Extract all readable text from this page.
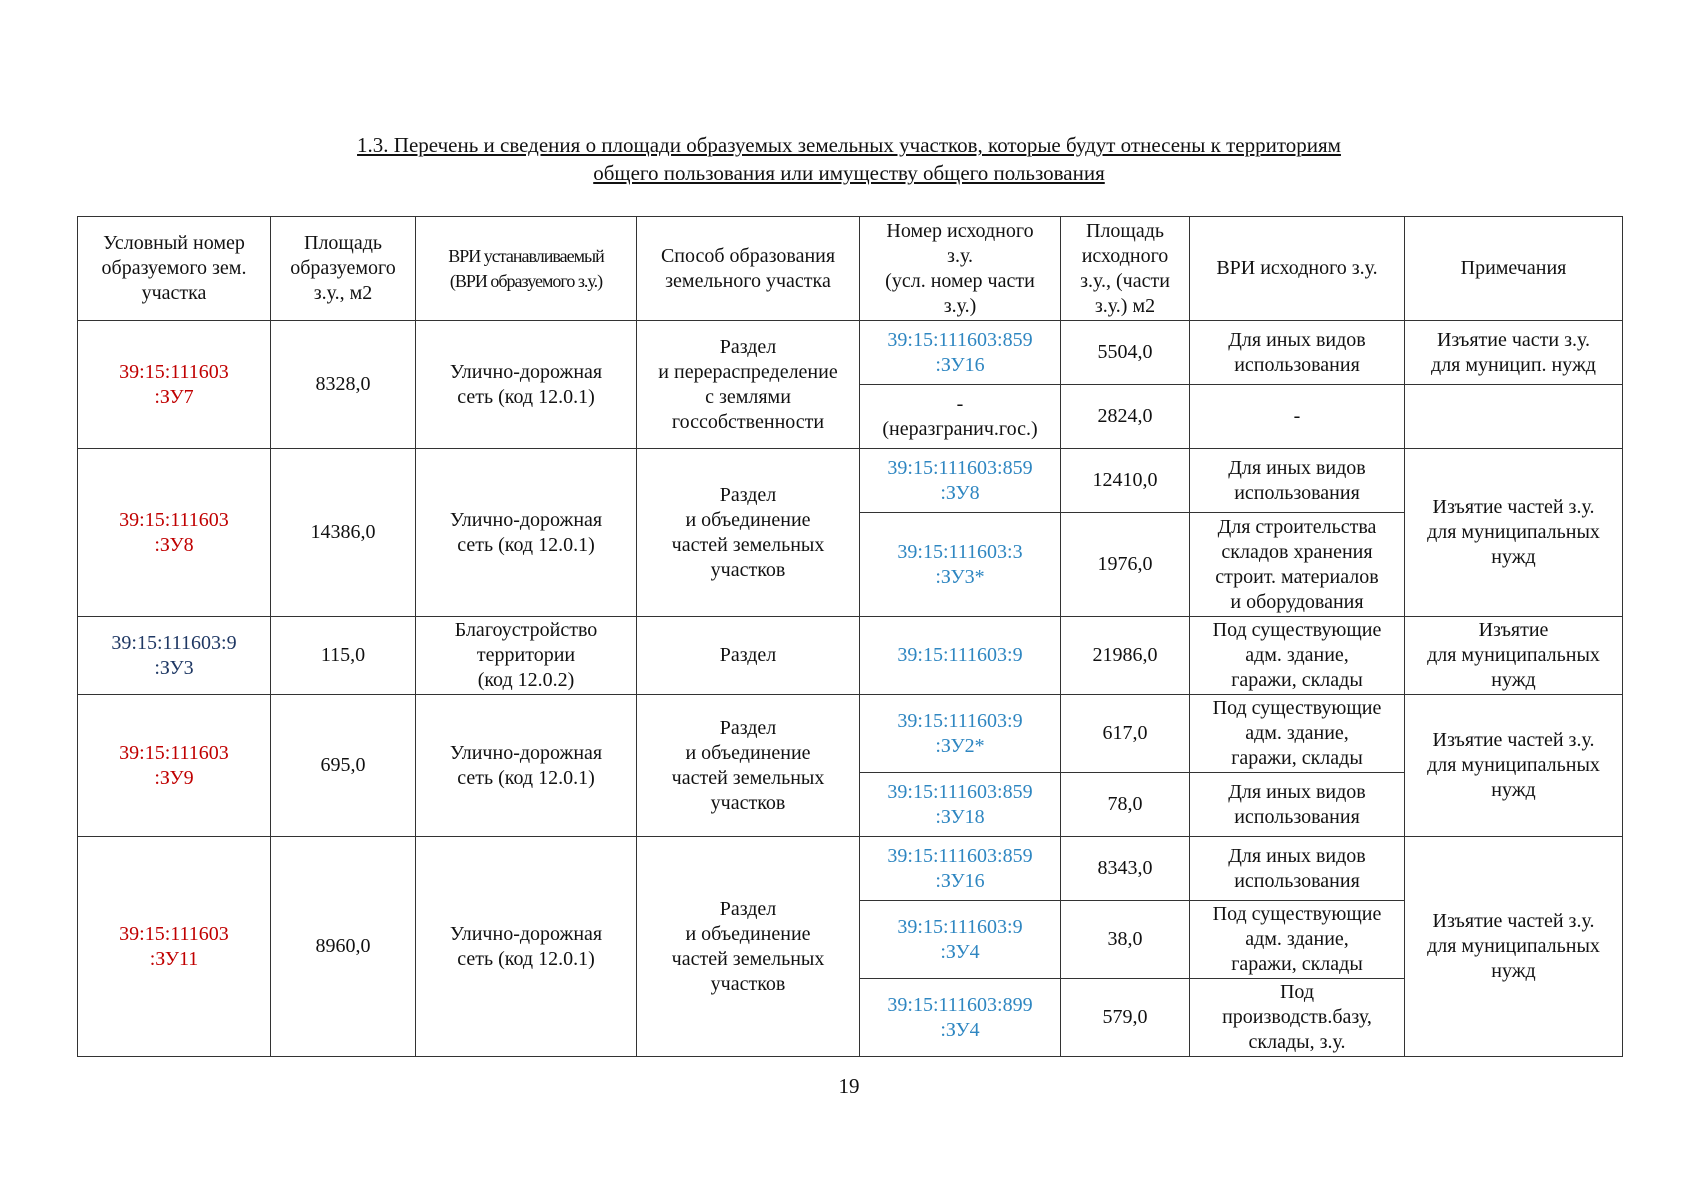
1.3. Перечень и сведения о площади образуемых земельных участков, которые будут отнесены к территориям
общего пользования или имуществу общего пользования
Условный номер
образуемого зем.
участка	Площадь
образуемого
з.у., м2	ВРИ устанавливаемый
(ВРИ образуемого з.у.)	Способ образования
земельного участка	Номер исходного
з.у.
(усл. номер части
з.у.)	Площадь
исходного
з.у., (части
з.у.) м2	ВРИ исходного з.у.	Примечания
39:15:111603
:ЗУ7	8328,0	Улично-дорожная
сеть (код 12.0.1)	Раздел
и перераспределение
с землями
госсобственности	39:15:111603:859
:ЗУ16	5504,0	Для иных видов
использования	Изъятие части з.у.
для муницип. нужд
				-
(неразгранич.гос.)	2824,0	-	
39:15:111603
:ЗУ8	14386,0	Улично-дорожная
сеть (код 12.0.1)	Раздел
и объединение
частей земельных
участков	39:15:111603:859
:ЗУ8	12410,0	Для иных видов
использования	Изъятие частей з.у.
для муниципальных
нужд
				39:15:111603:3
:ЗУ3*	1976,0	Для строительства
складов хранения
строит. материалов
и оборудования	
39:15:111603:9
:ЗУ3	115,0	Благоустройство
территории
(код 12.0.2)	Раздел	39:15:111603:9	21986,0	Под существующие
адм. здание,
гаражи, склады	Изъятие
для муниципальных
нужд
39:15:111603
:ЗУ9	695,0	Улично-дорожная
сеть (код 12.0.1)	Раздел
и объединение
частей земельных
участков	39:15:111603:9
:ЗУ2*	617,0	Под существующие
адм. здание,
гаражи, склады	Изъятие частей з.у.
для муниципальных
нужд
				39:15:111603:859
:ЗУ18	78,0	Для иных видов
использования	
39:15:111603
:ЗУ11	8960,0	Улично-дорожная
сеть (код 12.0.1)	Раздел
и объединение
частей земельных
участков	39:15:111603:859
:ЗУ16	8343,0	Для иных видов
использования	Изъятие частей з.у.
для муниципальных
нужд
				39:15:111603:9
:ЗУ4	38,0	Под существующие
адм. здание,
гаражи, склады	
				39:15:111603:899
:ЗУ4	579,0	Под
производств.базу,
склады, з.у.	
19
